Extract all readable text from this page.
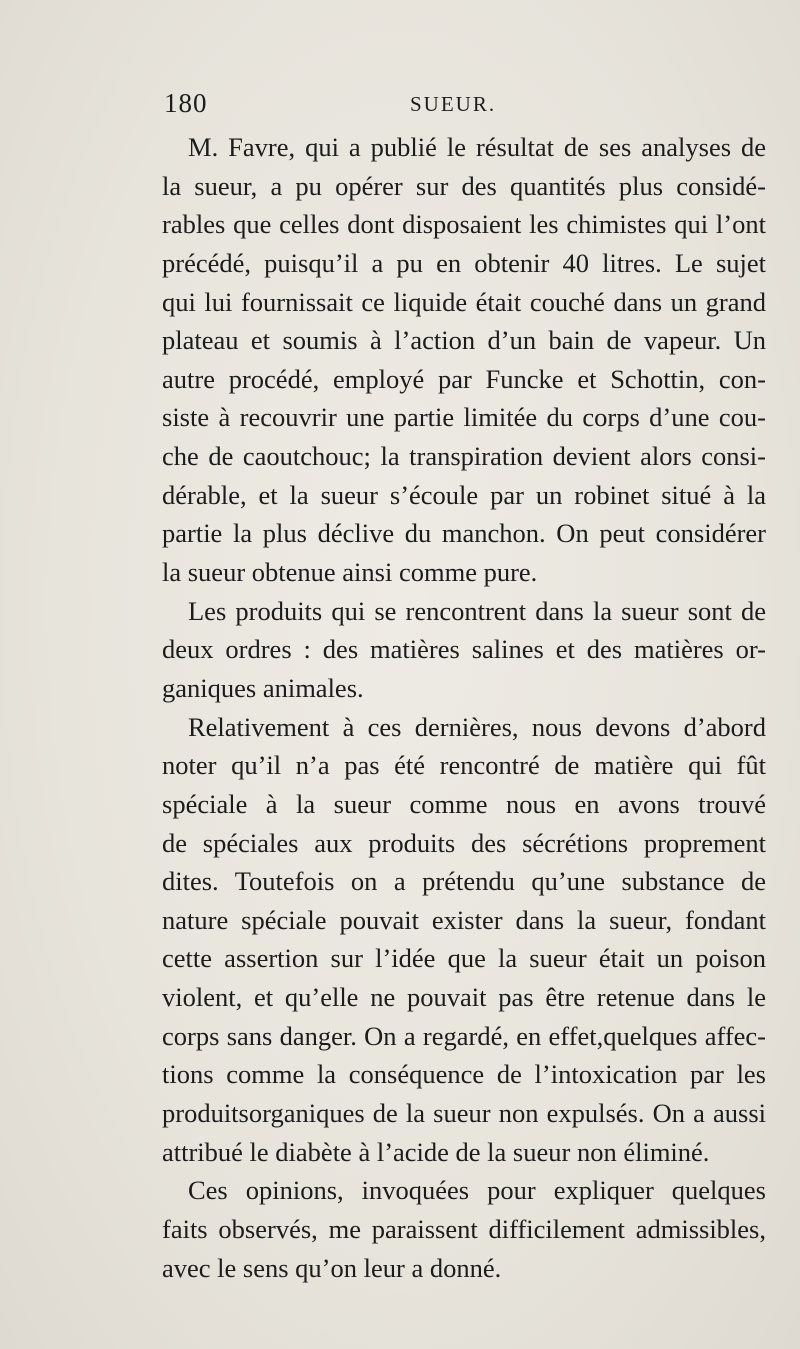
180	SUEUR.
M. Favre, qui a publié le résultat de ses analyses de
la sueur, a pu opérer sur des quantités plus considé-
rables que celles dont disposaient les chimistes qui l’ont
précédé, puisqu’il a pu en obtenir 40 litres. Le sujet
qui lui fournissait ce liquide était couché dans un grand
plateau et soumis à l’action d’un bain de vapeur. Un
autre procédé, employé par Funcke et Schottin, con-
siste à recouvrir une partie limitée du corps d’une cou-
che de caoutchouc; la transpiration devient alors consi-
dérable, et la sueur s’écoule par un robinet situé à la
partie la plus déclive du manchon. On peut considérer
la sueur obtenue ainsi comme pure.
Les produits qui se rencontrent dans la sueur sont de
deux ordres : des matières salines et des matières or-
ganiques animales.
Relativement à ces dernières, nous devons d’abord
noter qu’il n’a pas été rencontré de matière qui fût
spéciale à la sueur comme nous en avons trouvé
de spéciales aux produits des sécrétions proprement
dites. Toutefois on a prétendu qu’une substance de
nature spéciale pouvait exister dans la sueur, fondant
cette assertion sur l’idée que la sueur était un poison
violent, et qu’elle ne pouvait pas être retenue dans le
corps sans danger. On a regardé, en effet,quelques affec-
tions comme la conséquence de l’intoxication par les
produitsorganiques de la sueur non expulsés. On a aussi
attribué le diabète à l’acide de la sueur non éliminé.
Ces opinions, invoquées pour expliquer quelques
faits observés, me paraissent difficilement admissibles,
avec le sens qu’on leur a donné.
